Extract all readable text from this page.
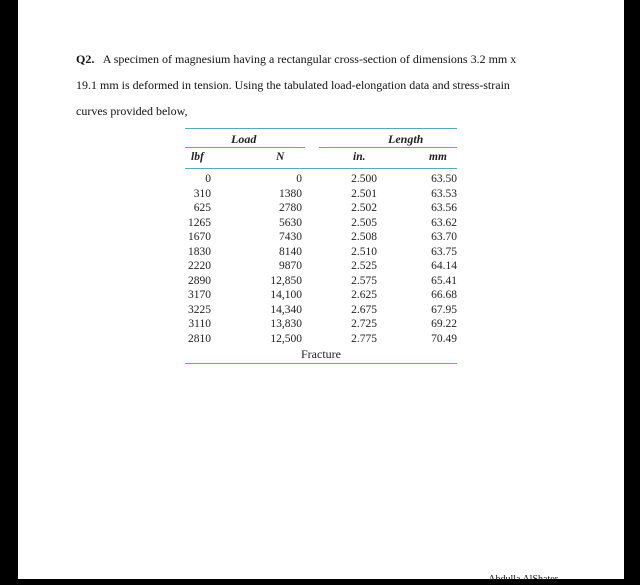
Q2. A specimen of magnesium having a rectangular cross-section of dimensions 3.2 mm x
19.1 mm is deformed in tension. Using the tabulated load-elongation data and stress-strain
curves provided below,
Load	Length
lbf	N	in.	mm
0	0	2.500	63.50
310	1380	2.501	63.53
625	2780	2.502	63.56
1265	5630	2.505	63.62
1670	7430	2.508	63.70
1830	8140	2.510	63.75
2220	9870	2.525	64.14
2890	12,850	2.575	65.41
3170	14,100	2.625	66.68
3225	14,340	2.675	67.95
3110	13,830	2.725	69.22
2810	12,500	2.775	70.49
Fracture
Abdulla AlShater
